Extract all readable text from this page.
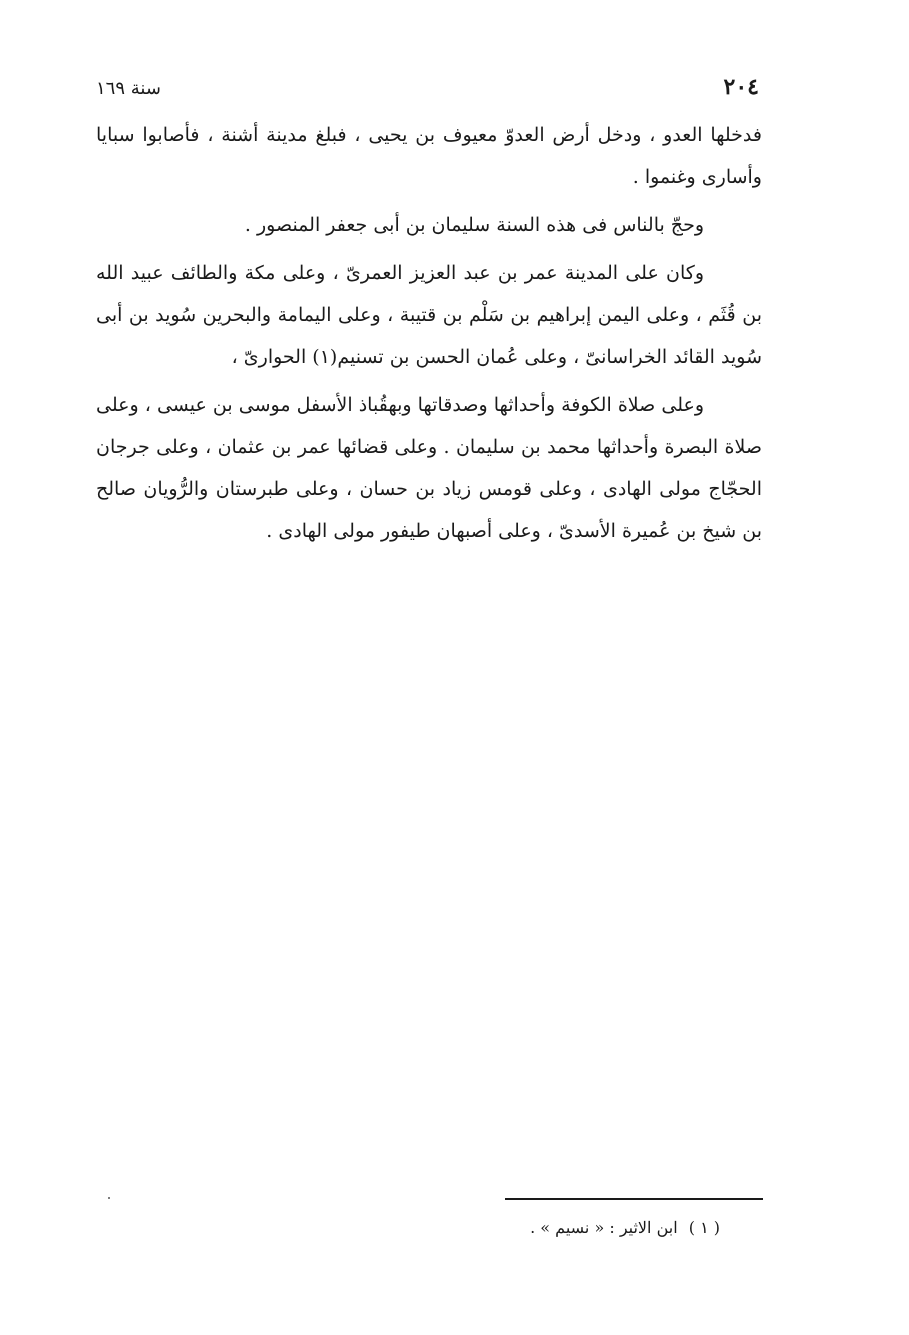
٢٠٤
سنة ١٦٩

فدخلها العدو ، ودخل أرض العدوّ معيوف بن يحيى ، فبلغ مدينة أشنة ، فأصابوا سبايا وأسارى وغنموا .

وحجّ بالناس فى هذه السنة سليمان بن أبى جعفر المنصور .

وكان على المدينة عمر بن عبد العزيز العمرىّ ، وعلى مكة والطائف عبيد الله بن قُثَم ، وعلى اليمن إبراهيم بن سَلْم بن قتيبة ، وعلى اليمامة والبحرين سُويد بن أبى سُويد القائد الخراسانىّ ، وعلى عُمان الحسن بن تسنيم(١) الحوارىّ ،

وعلى صلاة الكوفة وأحداثها وصدقاتها وبهقُباذ الأسفل موسى بن عيسى ، وعلى صلاة البصرة وأحداثها محمد بن سليمان . وعلى قضائها عمر بن عثمان ، وعلى جرجان الحجّاج مولى الهادى ، وعلى قومس زياد بن حسان ، وعلى طبرستان والرُّويان صالح بن شيخ بن عُميرة الأسدىّ ، وعلى أصبهان طيفور مولى الهادى .

( ١ ) ابن الاثير : « نسيم » .
